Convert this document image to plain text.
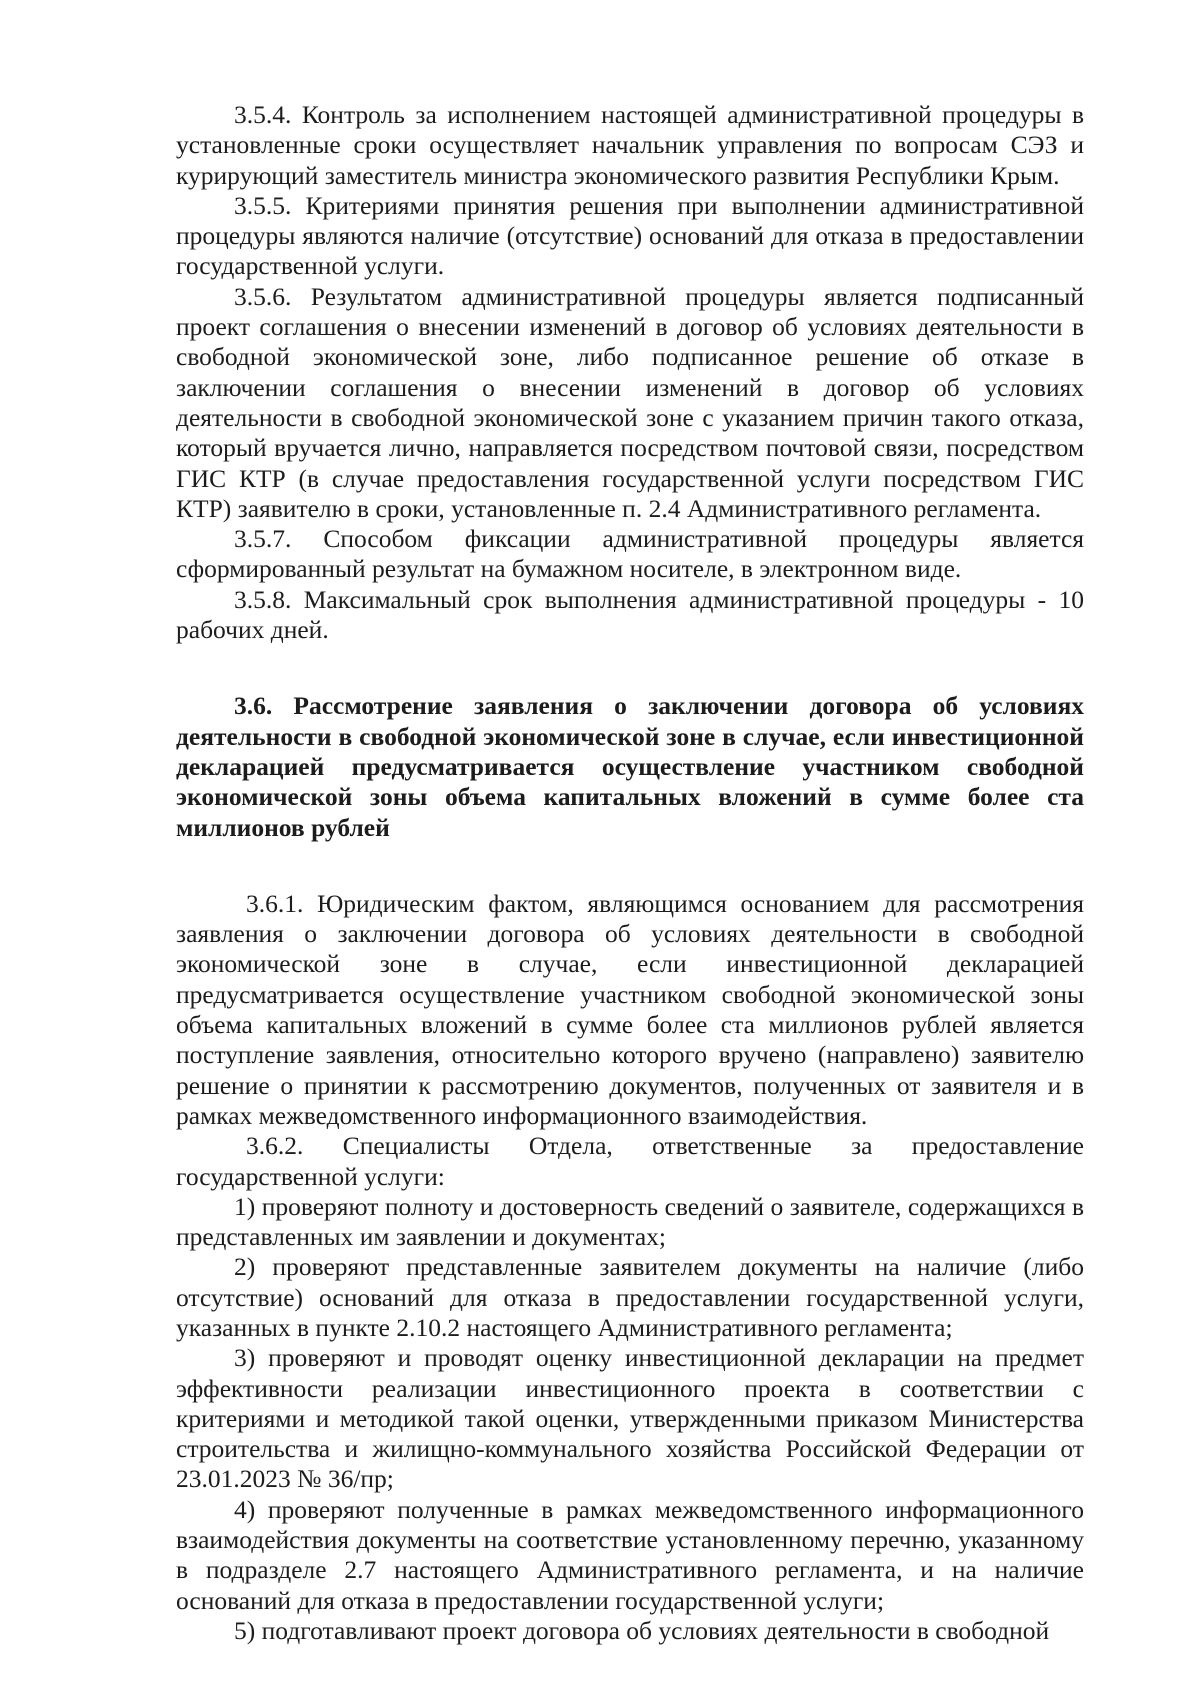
3.5.4. Контроль за исполнением настоящей административной процедуры в установленные сроки осуществляет начальник управления по вопросам СЭЗ и курирующий заместитель министра экономического развития Республики Крым.

3.5.5. Критериями принятия решения при выполнении административной процедуры являются наличие (отсутствие) оснований для отказа в предоставлении государственной услуги.

3.5.6. Результатом административной процедуры является подписанный проект соглашения о внесении изменений в договор об условиях деятельности в свободной экономической зоне, либо подписанное решение об отказе в заключении соглашения о внесении изменений в договор об условиях деятельности в свободной экономической зоне с указанием причин такого отказа, который вручается лично, направляется посредством почтовой связи, посредством ГИС КТР (в случае предоставления государственной услуги посредством ГИС КТР) заявителю в сроки, установленные п. 2.4 Административного регламента.

3.5.7. Способом фиксации административной процедуры является сформированный результат на бумажном носителе, в электронном виде.

3.5.8. Максимальный срок выполнения административной процедуры - 10 рабочих дней.

3.6. Рассмотрение заявления о заключении договора об условиях деятельности в свободной экономической зоне в случае, если инвестиционной декларацией предусматривается осуществление участником свободной экономической зоны объема капитальных вложений в сумме более ста миллионов рублей

3.6.1. Юридическим фактом, являющимся основанием для рассмотрения заявления о заключении договора об условиях деятельности в свободной экономической зоне в случае, если инвестиционной декларацией предусматривается осуществление участником свободной экономической зоны объема капитальных вложений в сумме более ста миллионов рублей является поступление заявления, относительно которого вручено (направлено) заявителю решение о принятии к рассмотрению документов, полученных от заявителя и в рамках межведомственного информационного взаимодействия.

3.6.2. Специалисты Отдела, ответственные за предоставление государственной услуги:

1) проверяют полноту и достоверность сведений о заявителе, содержащихся в представленных им заявлении и документах;

2) проверяют представленные заявителем документы на наличие (либо отсутствие) оснований для отказа в предоставлении государственной услуги, указанных в пункте 2.10.2 настоящего Административного регламента;

3) проверяют и проводят оценку инвестиционной декларации на предмет эффективности реализации инвестиционного проекта в соответствии с критериями и методикой такой оценки, утвержденными приказом Министерства строительства и жилищно-коммунального хозяйства Российской Федерации от 23.01.2023 № 36/пр;

4) проверяют полученные в рамках межведомственного информационного взаимодействия документы на соответствие установленному перечню, указанному в подразделе 2.7 настоящего Административного регламента, и на наличие оснований для отказа в предоставлении государственной услуги;

5) подготавливают проект договора об условиях деятельности в свободной
